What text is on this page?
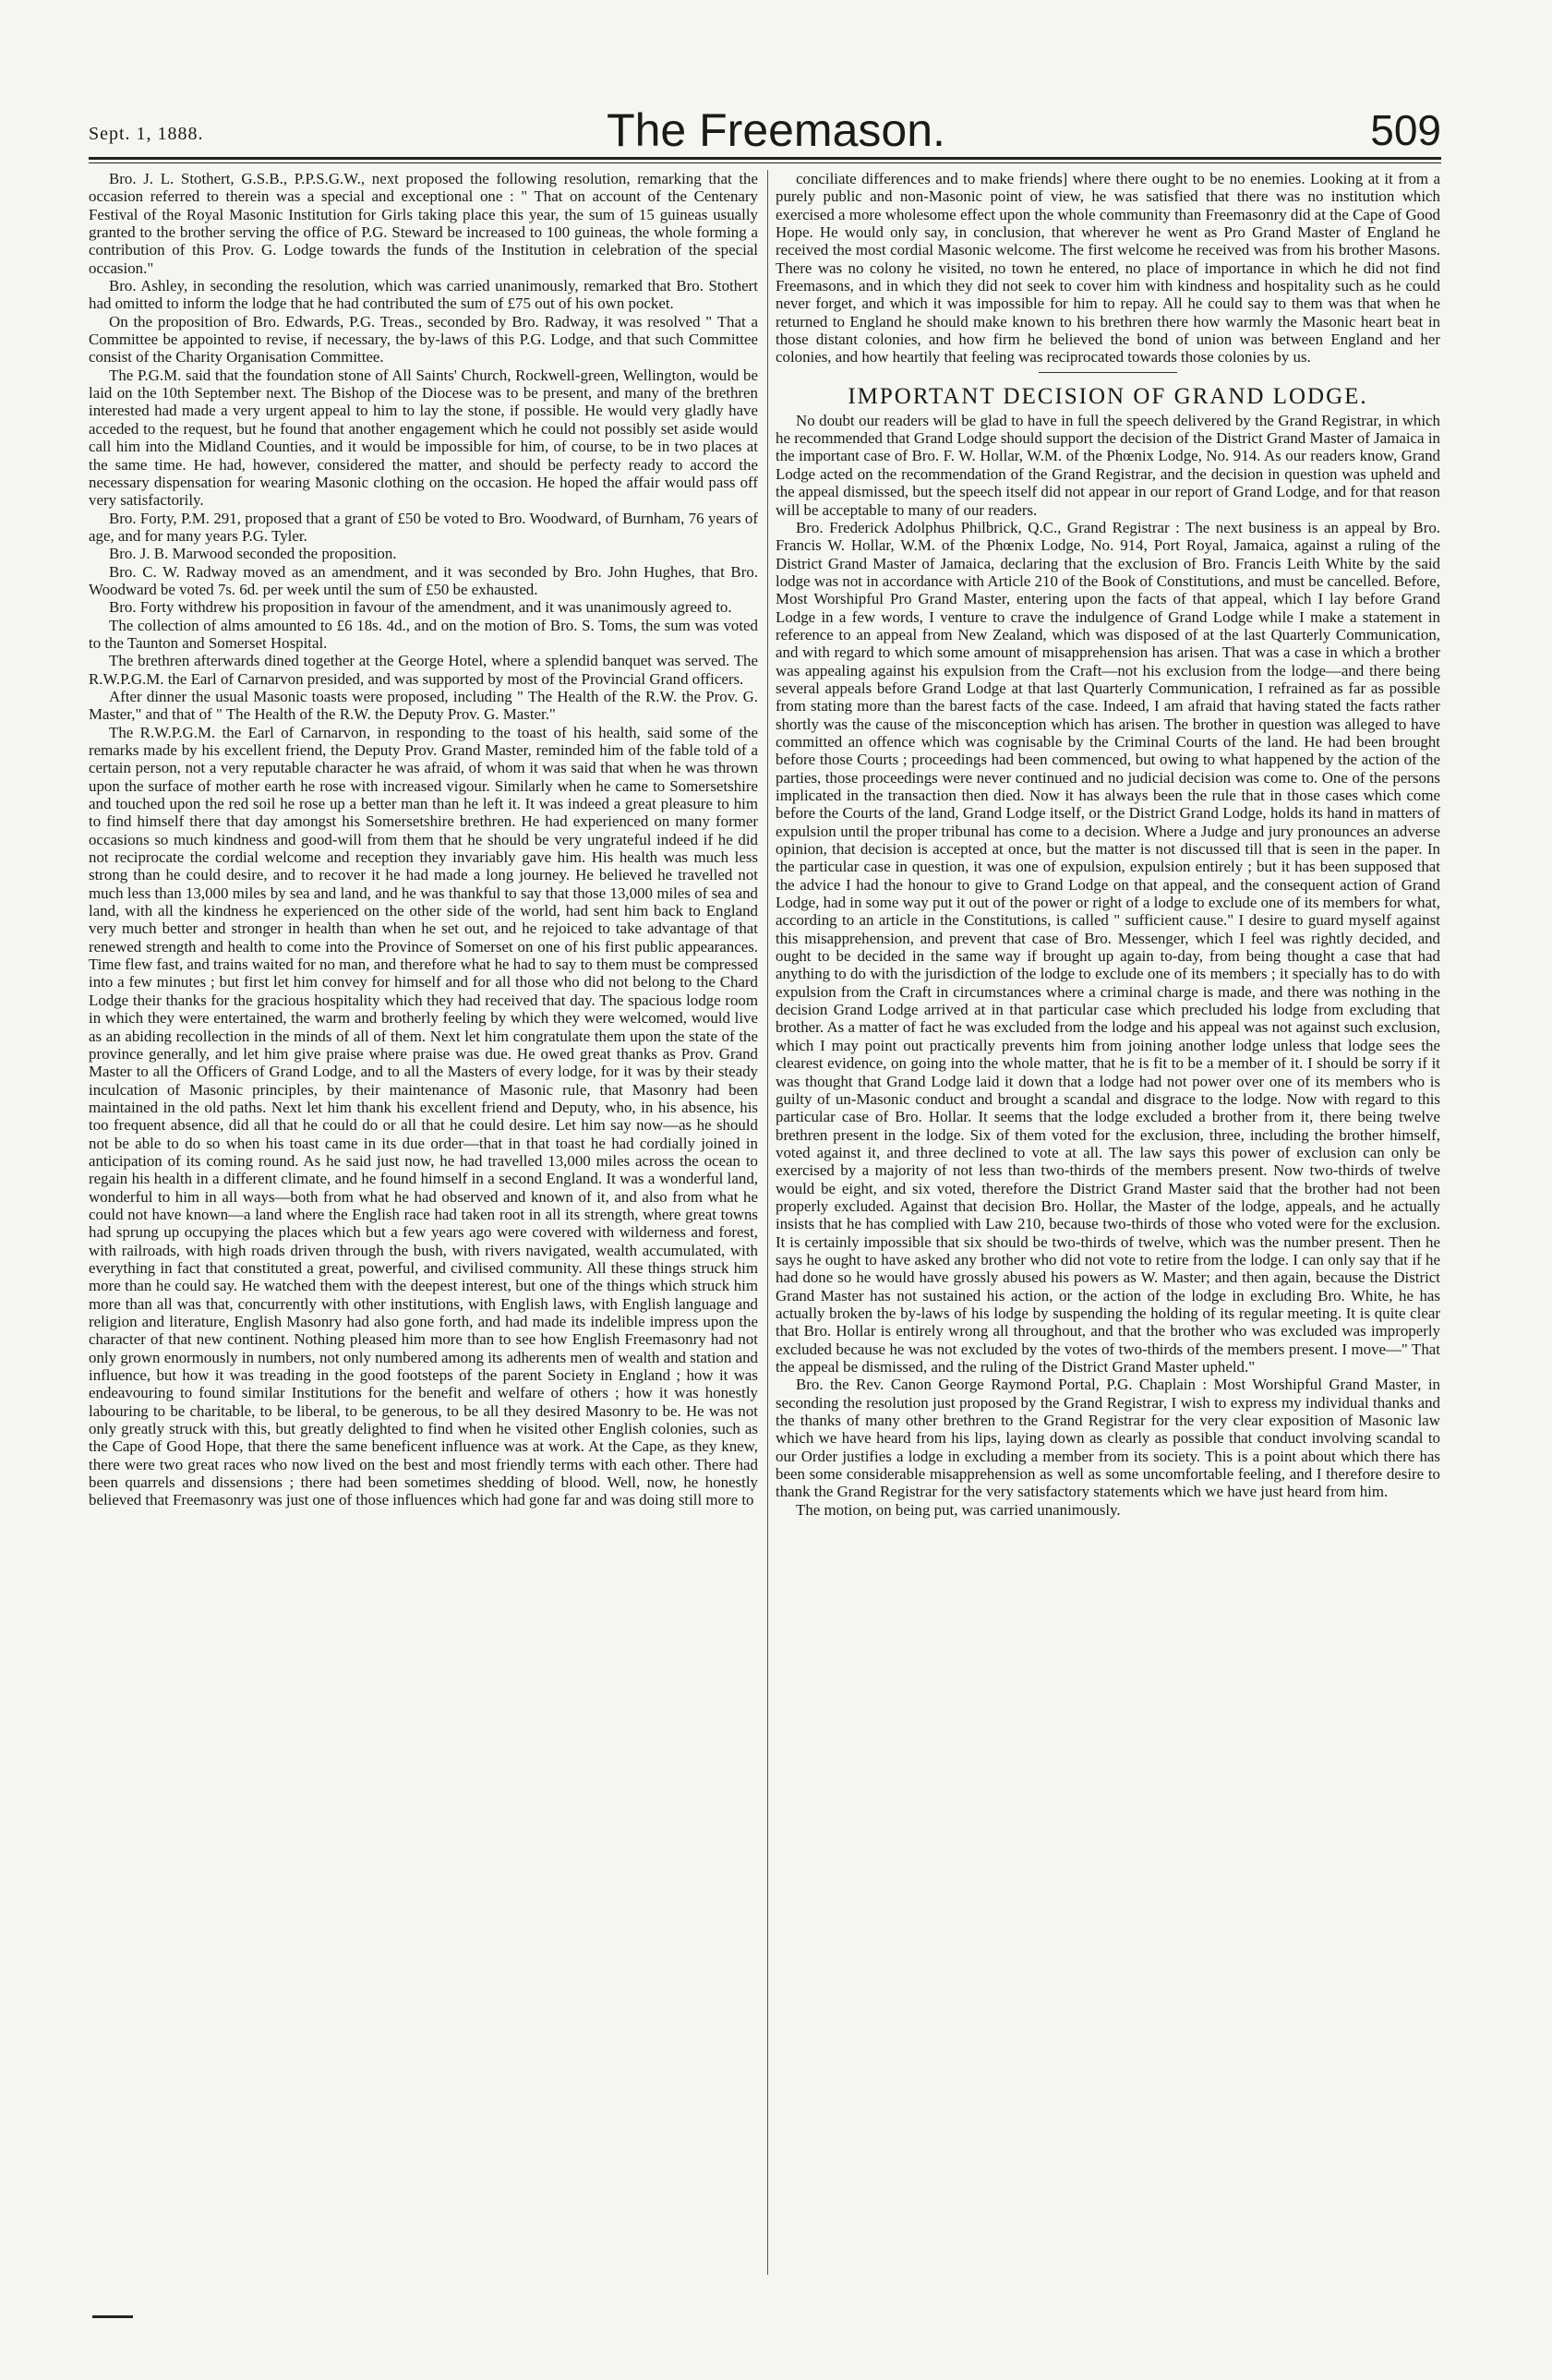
Sept. 1, 1888.	The Freemason.	509

Bro. J. L. Stothert, G.S.B., P.P.S.G.W., next proposed the following resolution, remarking that the occasion referred to therein was a special and exceptional one : " That on account of the Centenary Festival of the Royal Masonic Institution for Girls taking place this year, the sum of 15 guineas usually granted to the brother serving the office of P.G. Steward be increased to 100 guineas, the whole forming a contribution of this Prov. G. Lodge towards the funds of the Institution in celebration of the special occasion."

Bro. Ashley, in seconding the resolution, which was carried unanimously, remarked that Bro. Stothert had omitted to inform the lodge that he had contributed the sum of £75 out of his own pocket.

On the proposition of Bro. Edwards, P.G. Treas., seconded by Bro. Radway, it was resolved " That a Committee be appointed to revise, if necessary, the by-laws of this P.G. Lodge, and that such Committee consist of the Charity Organisation Committee.

The P.G.M. said that the foundation stone of All Saints' Church, Rockwell-green, Wellington, would be laid on the 10th September next. The Bishop of the Diocese was to be present, and many of the brethren interested had made a very urgent appeal to him to lay the stone, if possible. He would very gladly have acceded to the request, but he found that another engagement which he could not possibly set aside would call him into the Midland Counties, and it would be impossible for him, of course, to be in two places at the same time. He had, however, considered the matter, and should be perfecty ready to accord the necessary dispensation for wearing Masonic clothing on the occasion. He hoped the affair would pass off very satisfactorily.

Bro. Forty, P.M. 291, proposed that a grant of £50 be voted to Bro. Woodward, of Burnham, 76 years of age, and for many years P.G. Tyler.

Bro. J. B. Marwood seconded the proposition.

Bro. C. W. Radway moved as an amendment, and it was seconded by Bro. John Hughes, that Bro. Woodward be voted 7s. 6d. per week until the sum of £50 be exhausted.

Bro. Forty withdrew his proposition in favour of the amendment, and it was unanimously agreed to.

The collection of alms amounted to £6 18s. 4d., and on the motion of Bro. S. Toms, the sum was voted to the Taunton and Somerset Hospital.

The brethren afterwards dined together at the George Hotel, where a splendid banquet was served. The R.W.P.G.M. the Earl of Carnarvon presided, and was supported by most of the Provincial Grand officers.

After dinner the usual Masonic toasts were proposed, including " The Health of the R.W. the Prov. G. Master," and that of " The Health of the R.W. the Deputy Prov. G. Master."

The R.W.P.G.M. the Earl of Carnarvon, in responding to the toast of his health, said some of the remarks made by his excellent friend, the Deputy Prov. Grand Master, reminded him of the fable told of a certain person, not a very reputable character he was afraid, of whom it was said that when he was thrown upon the surface of mother earth he rose with increased vigour. Similarly when he came to Somersetshire and touched upon the red soil he rose up a better man than he left it. It was indeed a great pleasure to him to find himself there that day amongst his Somersetshire brethren. He had experienced on many former occasions so much kindness and good-will from them that he should be very ungrateful indeed if he did not reciprocate the cordial welcome and reception they invariably gave him. His health was much less strong than he could desire, and to recover it he had made a long journey. He believed he travelled not much less than 13,000 miles by sea and land, and he was thankful to say that those 13,000 miles of sea and land, with all the kindness he experienced on the other side of the world, had sent him back to England very much better and stronger in health than when he set out, and he rejoiced to take advantage of that renewed strength and health to come into the Province of Somerset on one of his first public appearances. Time flew fast, and trains waited for no man, and therefore what he had to say to them must be compressed into a few minutes ; but first let him convey for himself and for all those who did not belong to the Chard Lodge their thanks for the gracious hospitality which they had received that day. The spacious lodge room in which they were entertained, the warm and brotherly feeling by which they were welcomed, would live as an abiding recollection in the minds of all of them. Next let him congratulate them upon the state of the province generally, and let him give praise where praise was due. He owed great thanks as Prov. Grand Master to all the Officers of Grand Lodge, and to all the Masters of every lodge, for it was by their steady inculcation of Masonic principles, by their maintenance of Masonic rule, that Masonry had been maintained in the old paths. Next let him thank his excellent friend and Deputy, who, in his absence, his too frequent absence, did all that he could do or all that he could desire. Let him say now—as he should not be able to do so when his toast came in its due order—that in that toast he had cordially joined in anticipation of its coming round. As he said just now, he had travelled 13,000 miles across the ocean to regain his health in a different climate, and he found himself in a second England. It was a wonderful land, wonderful to him in all ways—both from what he had observed and known of it, and also from what he could not have known—a land where the English race had taken root in all its strength, where great towns had sprung up occupying the places which but a few years ago were covered with wilderness and forest, with railroads, with high roads driven through the bush, with rivers navigated, wealth accumulated, with everything in fact that constituted a great, powerful, and civilised community. All these things struck him more than he could say. He watched them with the deepest interest, but one of the things which struck him more than all was that, concurrently with other institutions, with English laws, with English language and religion and literature, English Masonry had also gone forth, and had made its indelible impress upon the character of that new continent. Nothing pleased him more than to see how English Freemasonry had not only grown enormously in numbers, not only numbered among its adherents men of wealth and station and influence, but how it was treading in the good footsteps of the parent Society in England ; how it was endeavouring to found similar Institutions for the benefit and welfare of others ; how it was honestly labouring to be charitable, to be liberal, to be generous, to be all they desired Masonry to be. He was not only greatly struck with this, but greatly delighted to find when he visited other English colonies, such as the Cape of Good Hope, that there the same beneficent influence was at work. At the Cape, as they knew, there were two great races who now lived on the best and most friendly terms with each other. There had been quarrels and dissensions ; there had been sometimes shedding of blood. Well, now, he honestly believed that Freemasonry was just one of those influences which had gone far and was doing still more to

conciliate differences and to make friends] where there ought to be no enemies. Looking at it from a purely public and non-Masonic point of view, he was satisfied that there was no institution which exercised a more wholesome effect upon the whole community than Freemasonry did at the Cape of Good Hope. He would only say, in conclusion, that wherever he went as Pro Grand Master of England he received the most cordial Masonic welcome. The first welcome he received was from his brother Masons. There was no colony he visited, no town he entered, no place of importance in which he did not find Freemasons, and in which they did not seek to cover him with kindness and hospitality such as he could never forget, and which it was impossible for him to repay. All he could say to them was that when he returned to England he should make known to his brethren there how warmly the Masonic heart beat in those distant colonies, and how firm he believed the bond of union was between England and her colonies, and how heartily that feeling was reciprocated towards those colonies by us.

IMPORTANT DECISION OF GRAND LODGE.

No doubt our readers will be glad to have in full the speech delivered by the Grand Registrar, in which he recommended that Grand Lodge should support the decision of the District Grand Master of Jamaica in the important case of Bro. F. W. Hollar, W.M. of the Phœnix Lodge, No. 914. As our readers know, Grand Lodge acted on the recommendation of the Grand Registrar, and the decision in question was upheld and the appeal dismissed, but the speech itself did not appear in our report of Grand Lodge, and for that reason will be acceptable to many of our readers.

Bro. Frederick Adolphus Philbrick, Q.C., Grand Registrar : The next business is an appeal by Bro. Francis W. Hollar, W.M. of the Phœnix Lodge, No. 914, Port Royal, Jamaica, against a ruling of the District Grand Master of Jamaica, declaring that the exclusion of Bro. Francis Leith White by the said lodge was not in accordance with Article 210 of the Book of Constitutions, and must be cancelled. Before, Most Worshipful Pro Grand Master, entering upon the facts of that appeal, which I lay before Grand Lodge in a few words, I venture to crave the indulgence of Grand Lodge while I make a statement in reference to an appeal from New Zealand, which was disposed of at the last Quarterly Communication, and with regard to which some amount of misapprehension has arisen. That was a case in which a brother was appealing against his expulsion from the Craft—not his exclusion from the lodge—and there being several appeals before Grand Lodge at that last Quarterly Communication, I refrained as far as possible from stating more than the barest facts of the case. Indeed, I am afraid that having stated the facts rather shortly was the cause of the misconception which has arisen. The brother in question was alleged to have committed an offence which was cognisable by the Criminal Courts of the land. He had been brought before those Courts ; proceedings had been commenced, but owing to what happened by the action of the parties, those proceedings were never continued and no judicial decision was come to. One of the persons implicated in the transaction then died. Now it has always been the rule that in those cases which come before the Courts of the land, Grand Lodge itself, or the District Grand Lodge, holds its hand in matters of expulsion until the proper tribunal has come to a decision. Where a Judge and jury pronounces an adverse opinion, that decision is accepted at once, but the matter is not discussed till that is seen in the paper. In the particular case in question, it was one of expulsion, expulsion entirely ; but it has been supposed that the advice I had the honour to give to Grand Lodge on that appeal, and the consequent action of Grand Lodge, had in some way put it out of the power or right of a lodge to exclude one of its members for what, according to an article in the Constitutions, is called " sufficient cause." I desire to guard myself against this misapprehension, and prevent that case of Bro. Messenger, which I feel was rightly decided, and ought to be decided in the same way if brought up again to-day, from being thought a case that had anything to do with the jurisdiction of the lodge to exclude one of its members ; it specially has to do with expulsion from the Craft in circumstances where a criminal charge is made, and there was nothing in the decision Grand Lodge arrived at in that particular case which precluded his lodge from excluding that brother. As a matter of fact he was excluded from the lodge and his appeal was not against such exclusion, which I may point out practically prevents him from joining another lodge unless that lodge sees the clearest evidence, on going into the whole matter, that he is fit to be a member of it. I should be sorry if it was thought that Grand Lodge laid it down that a lodge had not power over one of its members who is guilty of un-Masonic conduct and brought a scandal and disgrace to the lodge. Now with regard to this particular case of Bro. Hollar. It seems that the lodge excluded a brother from it, there being twelve brethren present in the lodge. Six of them voted for the exclusion, three, including the brother himself, voted against it, and three declined to vote at all. The law says this power of exclusion can only be exercised by a majority of not less than two-thirds of the members present. Now two-thirds of twelve would be eight, and six voted, therefore the District Grand Master said that the brother had not been properly excluded. Against that decision Bro. Hollar, the Master of the lodge, appeals, and he actually insists that he has complied with Law 210, because two-thirds of those who voted were for the exclusion. It is certainly impossible that six should be two-thirds of twelve, which was the number present. Then he says he ought to have asked any brother who did not vote to retire from the lodge. I can only say that if he had done so he would have grossly abused his powers as W. Master; and then again, because the District Grand Master has not sustained his action, or the action of the lodge in excluding Bro. White, he has actually broken the by-laws of his lodge by suspending the holding of its regular meeting. It is quite clear that Bro. Hollar is entirely wrong all throughout, and that the brother who was excluded was improperly excluded because he was not excluded by the votes of two-thirds of the members present. I move—" That the appeal be dismissed, and the ruling of the District Grand Master upheld."

Bro. the Rev. Canon George Raymond Portal, P.G. Chaplain : Most Worshipful Grand Master, in seconding the resolution just proposed by the Grand Registrar, I wish to express my individual thanks and the thanks of many other brethren to the Grand Registrar for the very clear exposition of Masonic law which we have heard from his lips, laying down as clearly as possible that conduct involving scandal to our Order justifies a lodge in excluding a member from its society. This is a point about which there has been some considerable misapprehension as well as some uncomfortable feeling, and I therefore desire to thank the Grand Registrar for the very satisfactory statements which we have just heard from him.

The motion, on being put, was carried unanimously.
